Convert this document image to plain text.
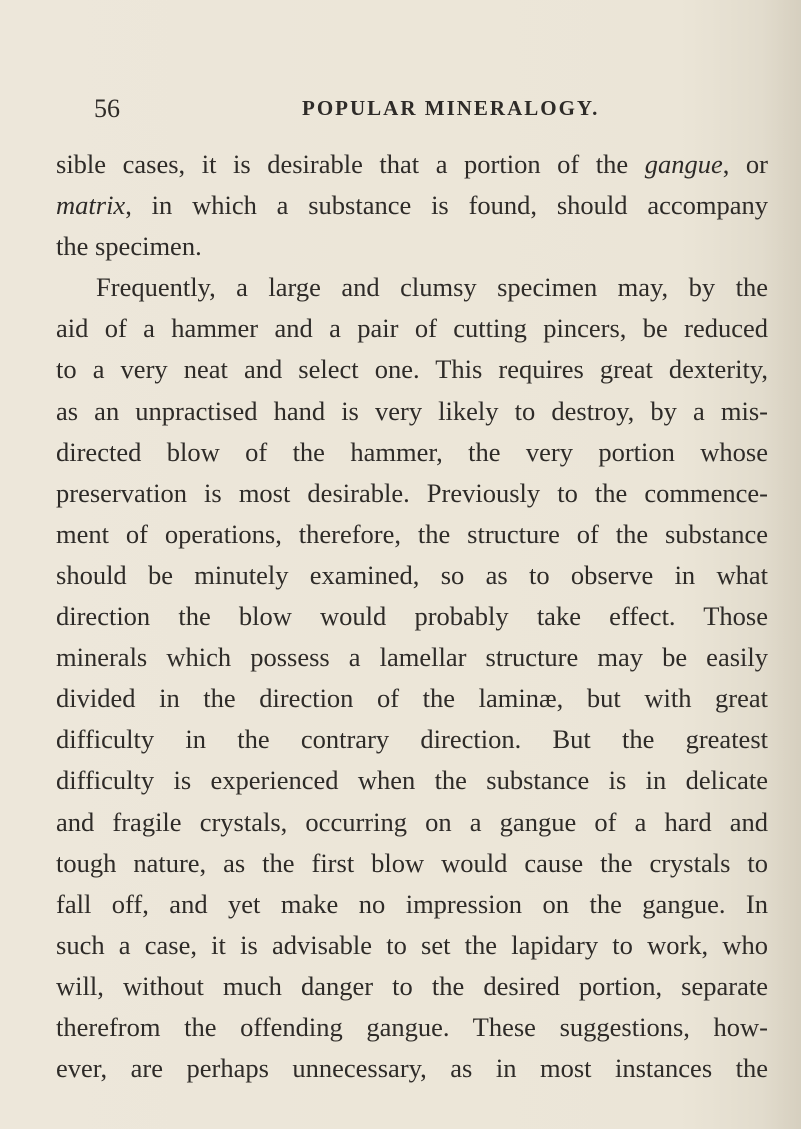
56	POPULAR MINERALOGY.
sible cases, it is desirable that a portion of the gangue, or
matrix, in which a substance is found, should accompany
the specimen.
Frequently, a large and clumsy specimen may, by the
aid of a hammer and a pair of cutting pincers, be reduced
to a very neat and select one. This requires great dexterity,
as an unpractised hand is very likely to destroy, by a mis-
directed blow of the hammer, the very portion whose
preservation is most desirable. Previously to the commence-
ment of operations, therefore, the structure of the substance
should be minutely examined, so as to observe in what
direction the blow would probably take effect. Those
minerals which possess a lamellar structure may be easily
divided in the direction of the laminæ, but with great
difficulty in the contrary direction. But the greatest
difficulty is experienced when the substance is in delicate
and fragile crystals, occurring on a gangue of a hard and
tough nature, as the first blow would cause the crystals to
fall off, and yet make no impression on the gangue. In
such a case, it is advisable to set the lapidary to work, who
will, without much danger to the desired portion, separate
therefrom the offending gangue. These suggestions, how-
ever, are perhaps unnecessary, as in most instances the
